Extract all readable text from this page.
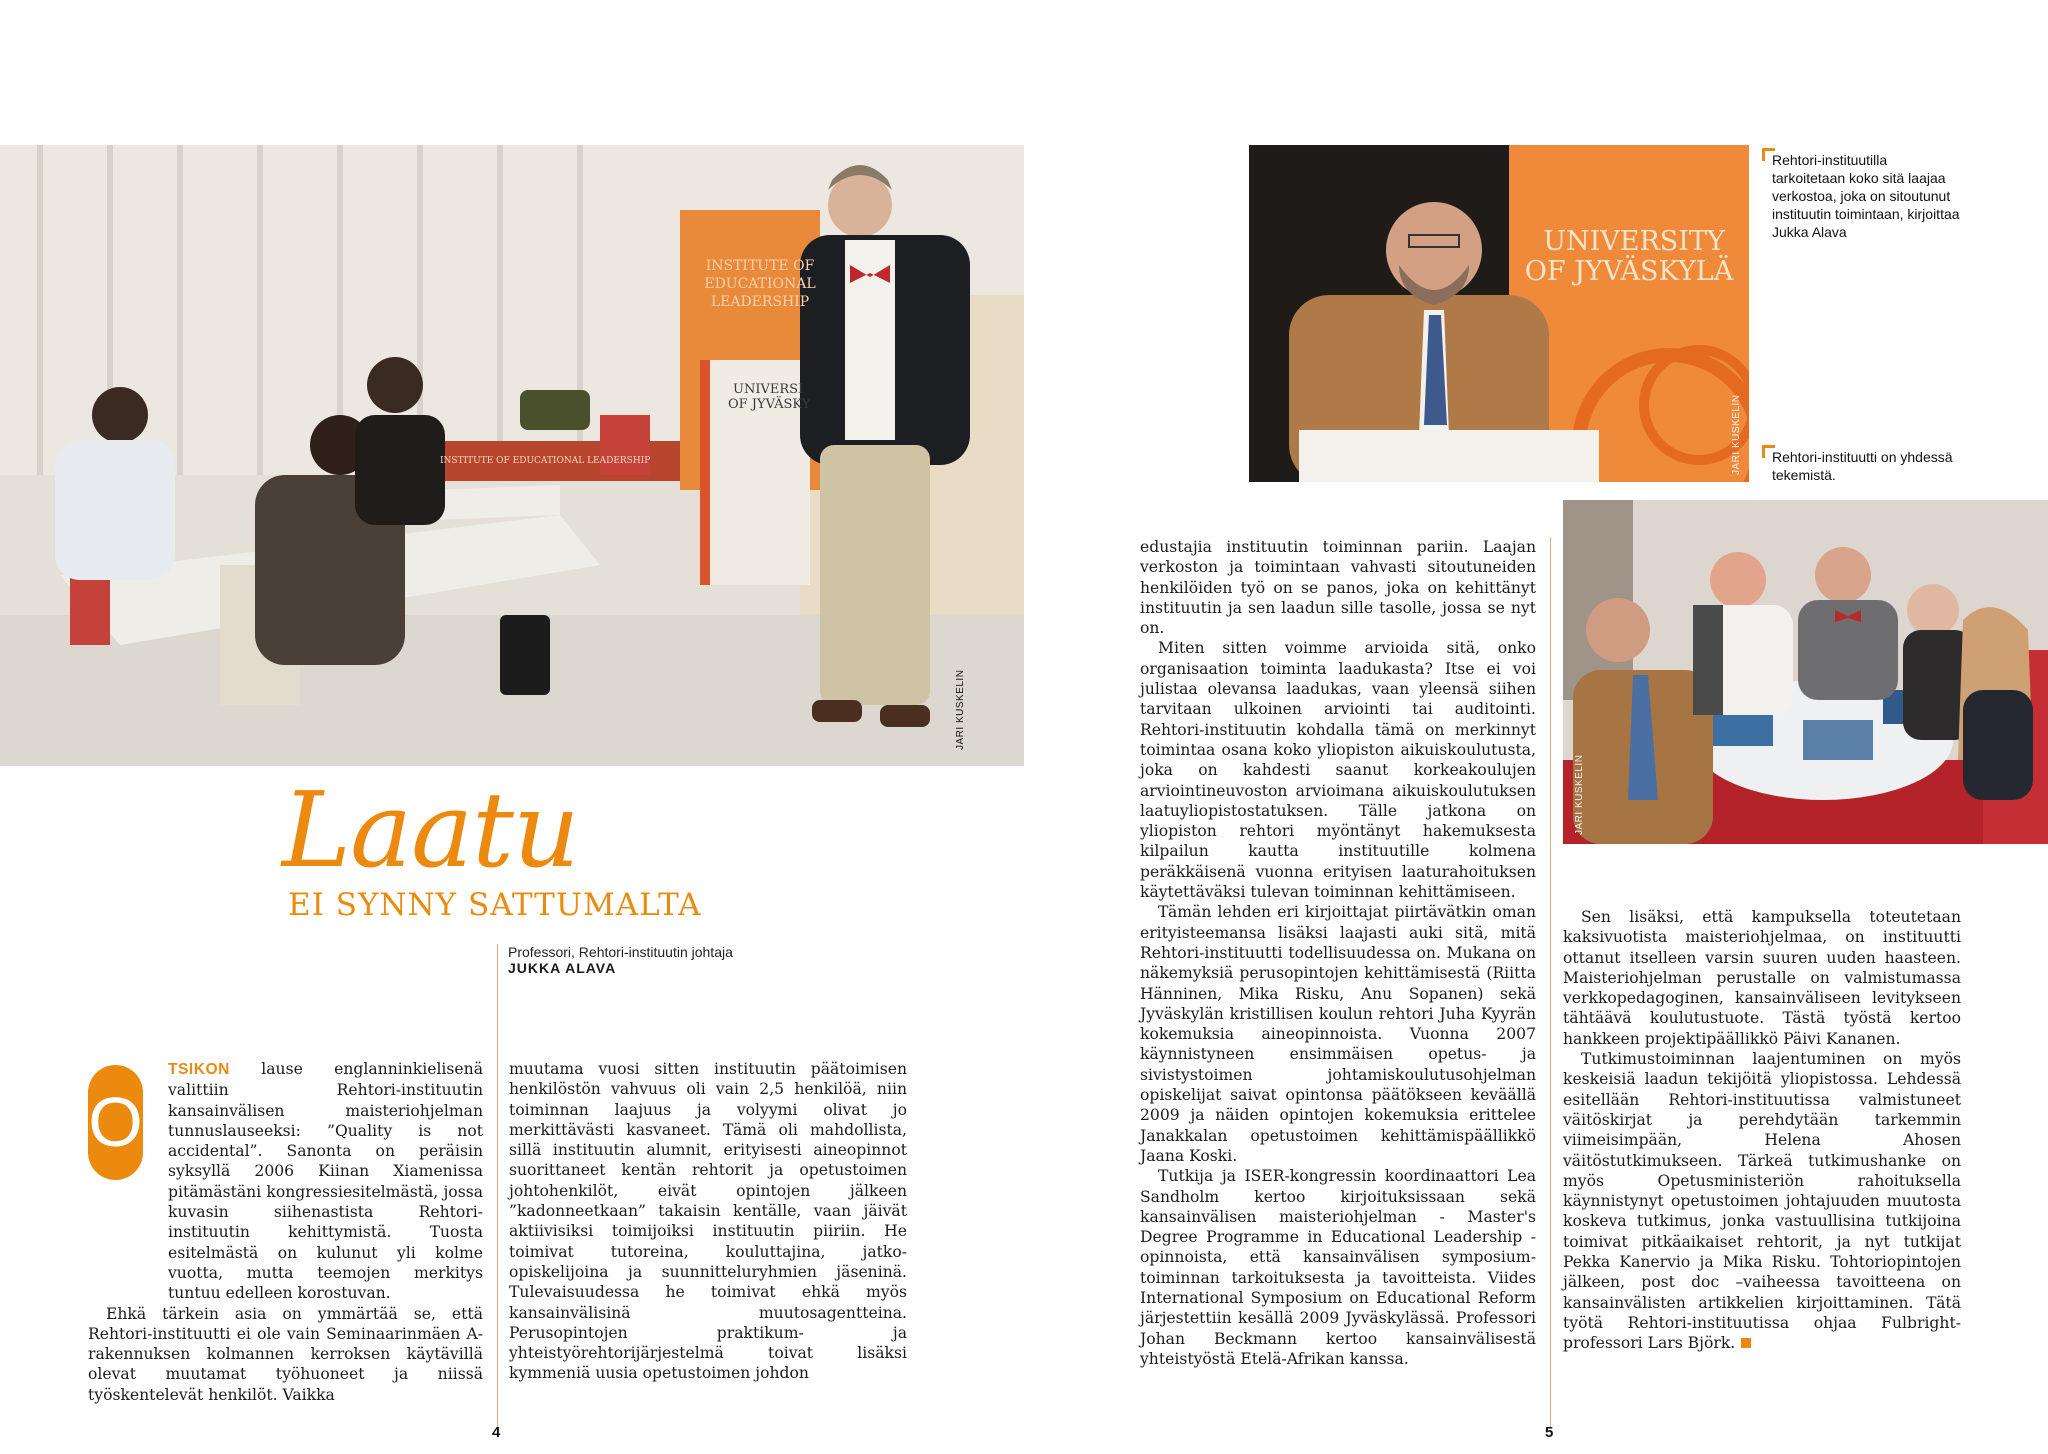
INSTITUTE OF
EDUCATIONAL
LEADERSHIP
UNIVERSI
OF JYVÄSKY
INSTITUTE OF EDUCATIONAL LEADERSHIP
JARI KUSKELIN
Laatu
EI SYNNY SATTUMALTA
Professori, Rehtori-instituutin johtaja
JUKKA ALAVA
O

TSIKON lause englanninkielisenä valittiin Rehtori-instituutin kansainvälisen maisteriohjelman tunnuslauseeksi: ”Quality is not accidental”. Sanonta on peräisin syksyllä 2006 Kiinan Xiamenissa pitämästäni kongressiesitelmästä, jossa kuvasin siihenastista Rehtori-instituutin kehittymistä. Tuosta esitelmästä on kulunut yli kolme vuotta, mutta teemojen merkitys tuntuu edelleen korostuvan.

Ehkä tärkein asia on ymmärtää se, että Rehtori-instituutti ei ole vain Seminaarinmäen A-rakennuksen kolmannen kerroksen käytävillä olevat muutamat työhuoneet ja niissä työskentelevät henkilöt. Vaikka

muutama vuosi sitten instituutin päätoimisen henkilöstön vahvuus oli vain 2,5 henkilöä, niin toiminnan laajuus ja volyymi olivat jo merkittävästi kasvaneet. Tämä oli mahdollista, sillä instituutin alumnit, erityisesti aineopinnot suorittaneet kentän rehtorit ja opetustoimen johtohenkilöt, eivät opintojen jälkeen ”kadonneetkaan” takaisin kentälle, vaan jäivät aktiivisiksi toimijoiksi instituutin piiriin. He toimivat tutoreina, kouluttajina, jatko-opiskelijoina ja suunnitteluryhmien jäseninä. Tulevaisuudessa he toimivat ehkä myös kansainvälisinä muutosagentteina. Perusopintojen praktikum- ja yhteistyörehtorijärjestelmä toivat lisäksi kymmeniä uusia opetustoimen johdon

4
UNIVERSITY
OF JYVÄSKYLÄ
JARI KUSKELIN
Rehtori-instituutilla tarkoitetaan koko sitä laajaa verkostoa, joka on sitoutunut instituutin toimintaan, kirjoittaa Jukka Alava
Rehtori-instituutti on yhdessä tekemistä.
JARI KUSKELIN

edustajia instituutin toiminnan pariin. Laajan verkoston ja toimintaan vahvasti sitoutuneiden henkilöiden työ on se panos, joka on kehittänyt instituutin ja sen laadun sille tasolle, jossa se nyt on.

Miten sitten voimme arvioida sitä, onko organisaation toiminta laadukasta? Itse ei voi julistaa olevansa laadukas, vaan yleensä siihen tarvitaan ulkoinen arviointi tai auditointi. Rehtori-instituutin kohdalla tämä on merkinnyt toimintaa osana koko yliopiston aikuiskoulutusta, joka on kahdesti saanut korkeakoulujen arviointineuvoston arvioimana aikuiskoulutuksen laatuyliopistostatuksen. Tälle jatkona on yliopiston rehtori myöntänyt hakemuksesta kilpailun kautta instituutille kolmena peräkkäisenä vuonna erityisen laaturahoituksen käytettäväksi tulevan toiminnan kehittämiseen.

Tämän lehden eri kirjoittajat piirtävätkin oman erityisteemansa lisäksi laajasti auki sitä, mitä Rehtori-instituutti todellisuudessa on. Mukana on näkemyksiä perusopintojen kehittämisestä (Riitta Hänninen, Mika Risku, Anu Sopanen) sekä Jyväskylän kristillisen koulun rehtori Juha Kyyrän kokemuksia aineopinnoista. Vuonna 2007 käynnistyneen ensimmäisen opetus- ja sivistystoimen johtamiskoulutusohjelman opiskelijat saivat opintonsa päätökseen keväällä 2009 ja näiden opintojen kokemuksia erittelee Janakkalan opetustoimen kehittämispäällikkö Jaana Koski.

Tutkija ja ISER-kongressin koordinaattori Lea Sandholm kertoo kirjoituksissaan sekä kansainvälisen maisteriohjelman - Master's Degree Programme in Educational Leadership - opinnoista, että kansainvälisen symposium-toiminnan tarkoituksesta ja tavoitteista. Viides International Symposium on Educational Reform järjestettiin kesällä 2009 Jyväskylässä. Professori Johan Beckmann kertoo kansainvälisestä yhteistyöstä Etelä-Afrikan kanssa.

Sen lisäksi, että kampuksella toteutetaan kaksivuotista maisteriohjelmaa, on instituutti ottanut itselleen varsin suuren uuden haasteen. Maisteriohjelman perustalle on valmistumassa verkkopedagoginen, kansainväliseen levitykseen tähtäävä koulutustuote. Tästä työstä kertoo hankkeen projektipäällikkö Päivi Kananen.

Tutkimustoiminnan laajentuminen on myös keskeisiä laadun tekijöitä yliopistossa. Lehdessä esitellään Rehtori-instituutissa valmistuneet väitöskirjat ja perehdytään tarkemmin viimeisimpään, Helena Ahosen väitöstutkimukseen. Tärkeä tutkimushanke on myös Opetusministeriön rahoituksella käynnistynyt opetustoimen johtajuuden muutosta koskeva tutkimus, jonka vastuullisina tutkijoina toimivat pitkäaikaiset rehtorit, ja nyt tutkijat Pekka Kanervio ja Mika Risku. Tohtoriopintojen jälkeen, post doc –vaiheessa tavoitteena on kansainvälisten artikkelien kirjoittaminen. Tätä työtä Rehtori-instituutissa ohjaa Fulbright-professori Lars Björk.

5
